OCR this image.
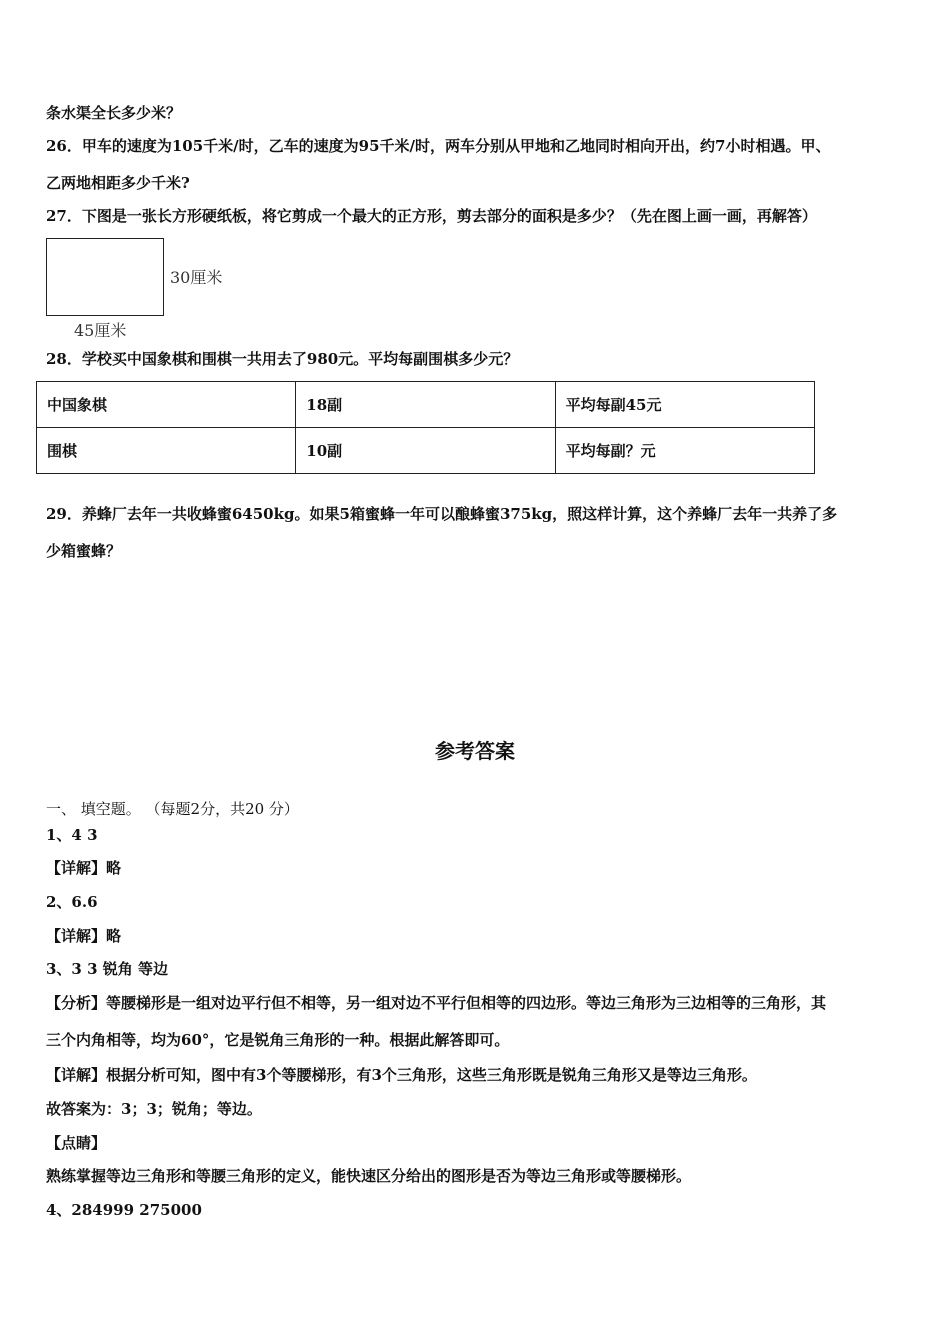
条水渠全长多少米？
26．甲车的速度为105千米/时，乙车的速度为95千米/时，两车分别从甲地和乙地同时相向开出，约7小时相遇。甲、
乙两地相距多少千米?
27．下图是一张长方形硬纸板，将它剪成一个最大的正方形，剪去部分的面积是多少？（先在图上画一画，再解答）
30厘米
45厘米
28．学校买中国象棋和围棋一共用去了980元。平均每副围棋多少元？
中国象棋	18副	平均每副45元
围棋	10副	平均每副？元
29．养蜂厂去年一共收蜂蜜6450kg。如果5箱蜜蜂一年可以酿蜂蜜375kg，照这样计算，这个养蜂厂去年一共养了多
少箱蜜蜂？
参考答案
一、 填空题。 （每题2分，共20 分）
1、4 3
【详解】略
2、6.6
【详解】略
3、3 3 锐角 等边
【分析】等腰梯形是一组对边平行但不相等，另一组对边不平行但相等的四边形。等边三角形为三边相等的三角形，其
三个内角相等，均为60°，它是锐角三角形的一种。根据此解答即可。
【详解】根据分析可知，图中有3个等腰梯形，有3个三角形，这些三角形既是锐角三角形又是等边三角形。
故答案为：3；3；锐角；等边。
【点睛】
熟练掌握等边三角形和等腰三角形的定义，能快速区分给出的图形是否为等边三角形或等腰梯形。
4、284999 275000
